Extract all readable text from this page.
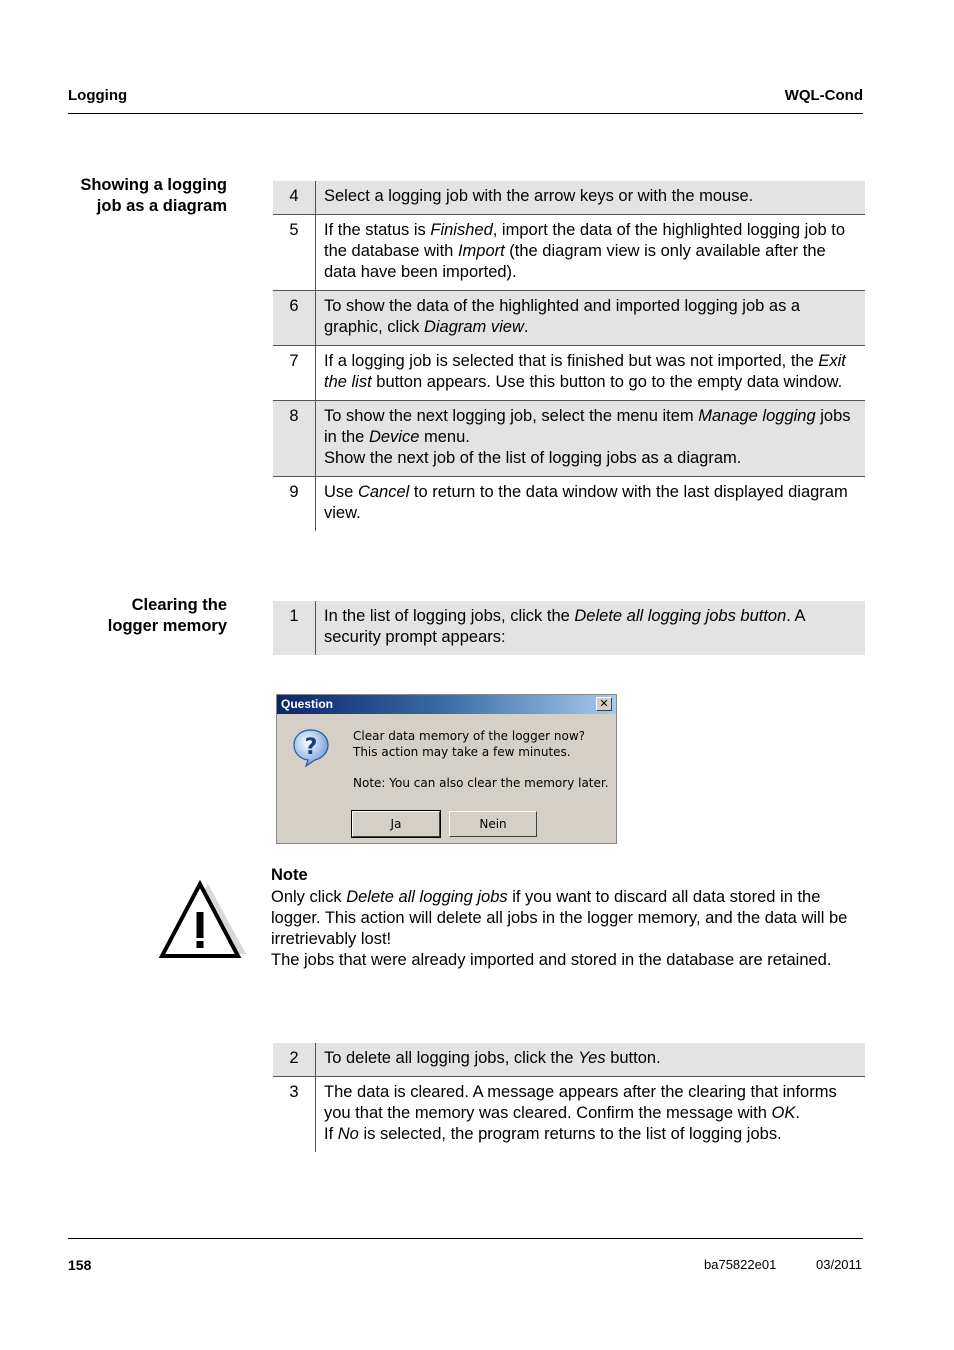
Logging	WQL-Cond
Showing a logging
job as a diagram
4	Select a logging job with the arrow keys or with the mouse.
5	If the status is Finished, import the data of the highlighted logging job to the database with Import (the diagram view is only available after the data have been imported).
6	To show the data of the highlighted and imported logging job as a graphic, click Diagram view.
7	If a logging job is selected that is finished but was not imported, the Exit the list button appears. Use this button to go to the empty data window.
8	To show the next logging job, select the menu item Manage logging jobs in the Device menu.
Show the next job of the list of logging jobs as a diagram.
9	Use Cancel to return to the data window with the last displayed diagram view.
Clearing the
logger memory
1	In the list of logging jobs, click the Delete all logging jobs button. A security prompt appears:
Question	✕
?	Clear data memory of the logger now?
This action may take a few minutes.
Note: You can also clear the memory later.
Ja	Nein
Note

Only click Delete all logging jobs if you want to discard all data stored in the logger. This action will delete all jobs in the logger memory, and the data will be irretrievably lost!

The jobs that were already imported and stored in the database are retained.

2	To delete all logging jobs, click the Yes button.
3	The data is cleared. A message appears after the clearing that informs you that the memory was cleared. Confirm the message with OK.
If No is selected, the program returns to the list of logging jobs.
158	ba75822e01	03/2011
